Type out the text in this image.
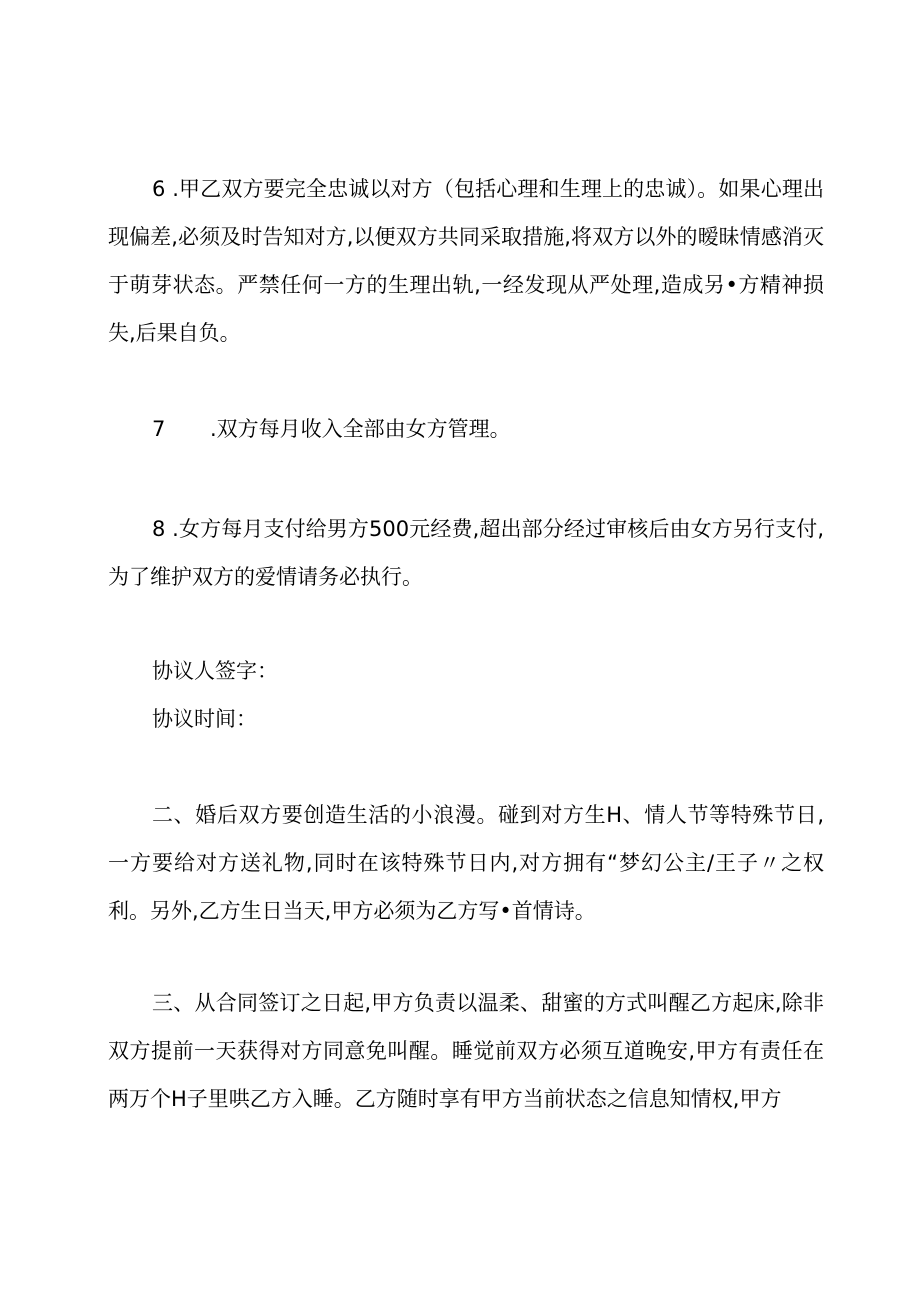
6 .甲乙双方要完全忠诚以对方（包括心理和生理上的忠诚）。如果心理出现偏差,必须及时告知对方,以便双方共同采取措施,将双方以外的暧昧情感消灭于萌芽状态。严禁任何一方的生理出轨,一经发现从严处理,造成另•方精神损失,后果自负。

7 .双方每月收入全部由女方管理。

8 .女方每月支付给男方500元经费,超出部分经过审核后由女方另行支付,为了维护双方的爱情请务必执行。

协议人签字：
协议时间：

二、婚后双方要创造生活的小浪漫。碰到对方生H、情人节等特殊节日,一方要给对方送礼物,同时在该特殊节日内,对方拥有“梦幻公主/王子〃之权利。另外,乙方生日当天,甲方必须为乙方写•首情诗。

三、从合同签订之日起,甲方负责以温柔、甜蜜的方式叫醒乙方起床,除非双方提前一天获得对方同意免叫醒。睡觉前双方必须互道晚安,甲方有责任在两万个H子里哄乙方入睡。乙方随时享有甲方当前状态之信息知情权,甲方
